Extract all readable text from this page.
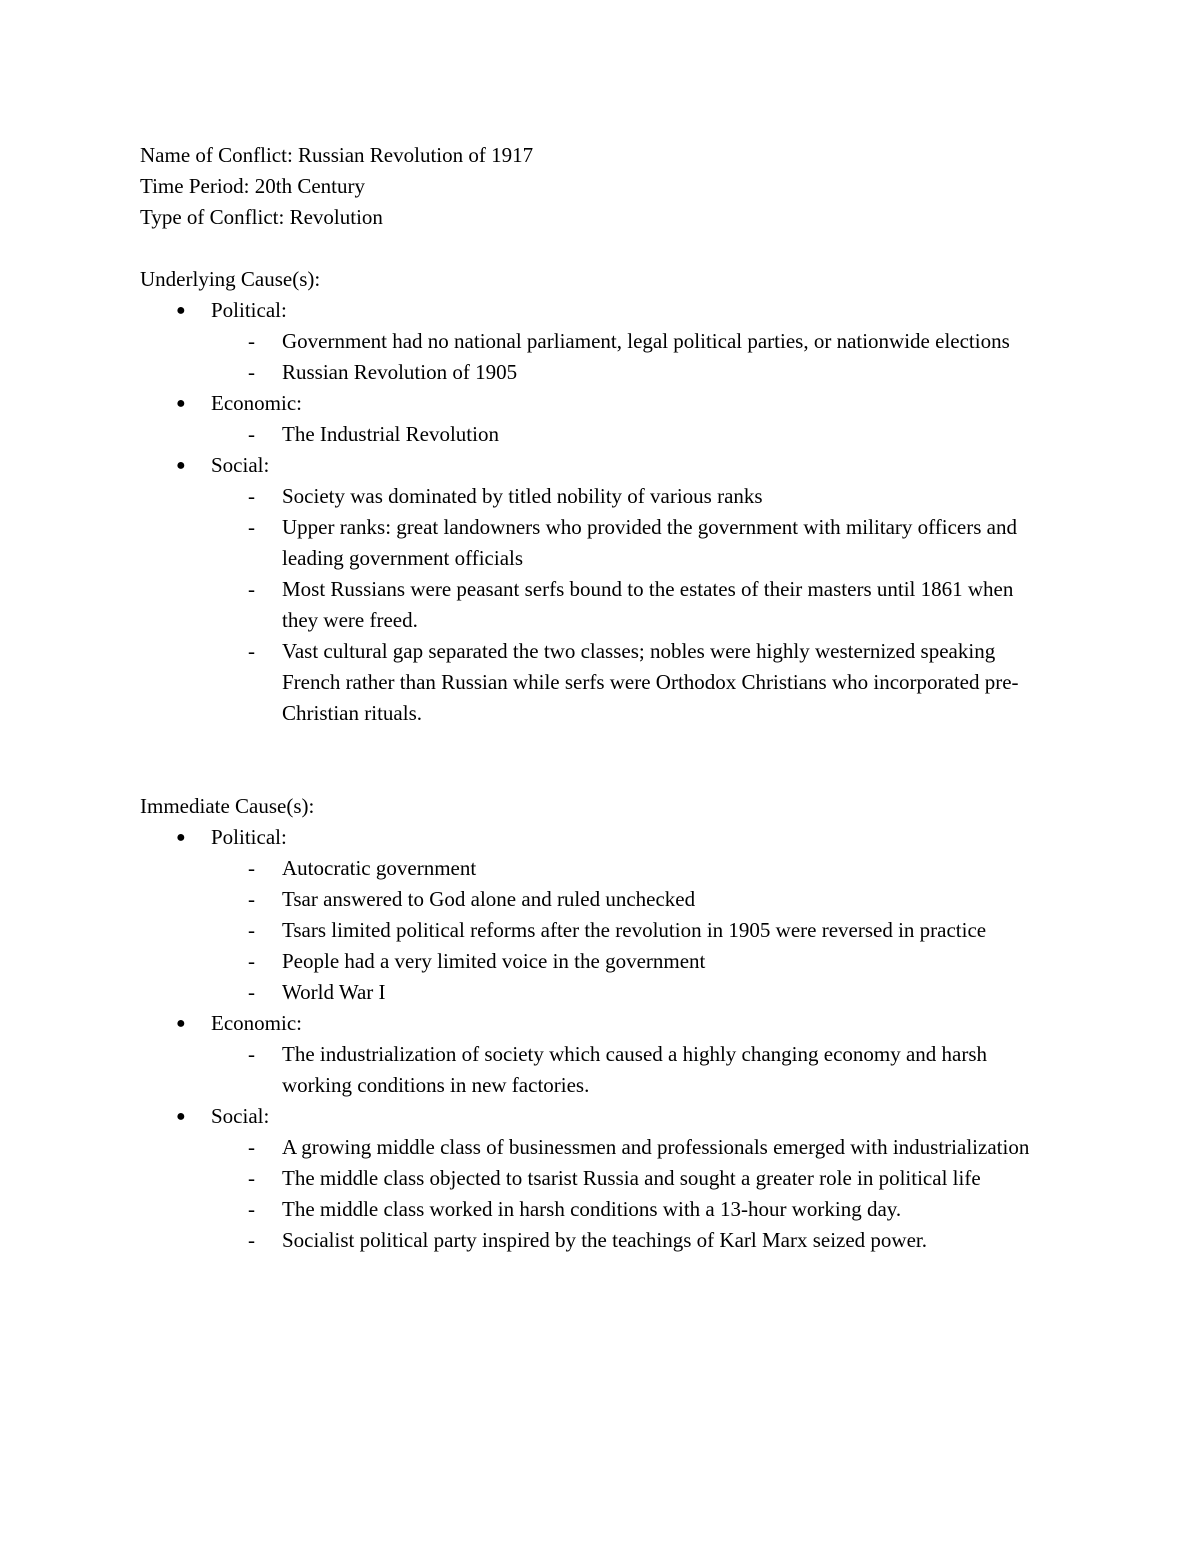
Name of Conflict: Russian Revolution of 1917
Time Period: 20th Century
Type of Conflict: Revolution
Underlying Cause(s):
● Political:
- Government had no national parliament, legal political parties, or nationwide elections
- Russian Revolution of 1905
● Economic:
- The Industrial Revolution
● Social:
- Society was dominated by titled nobility of various ranks
- Upper ranks: great landowners who provided the government with military officers and leading government officials
- Most Russians were peasant serfs bound to the estates of their masters until 1861 when they were freed.
- Vast cultural gap separated the two classes; nobles were highly westernized speaking French rather than Russian while serfs were Orthodox Christians who incorporated pre-Christian rituals.
Immediate Cause(s):
● Political:
- Autocratic government
- Tsar answered to God alone and ruled unchecked
- Tsars limited political reforms after the revolution in 1905 were reversed in practice
- People had a very limited voice in the government
- World War I
● Economic:
- The industrialization of society which caused a highly changing economy and harsh working conditions in new factories.
● Social:
- A growing middle class of businessmen and professionals emerged with industrialization
- The middle class objected to tsarist Russia and sought a greater role in political life
- The middle class worked in harsh conditions with a 13-hour working day.
- Socialist political party inspired by the teachings of Karl Marx seized power.
